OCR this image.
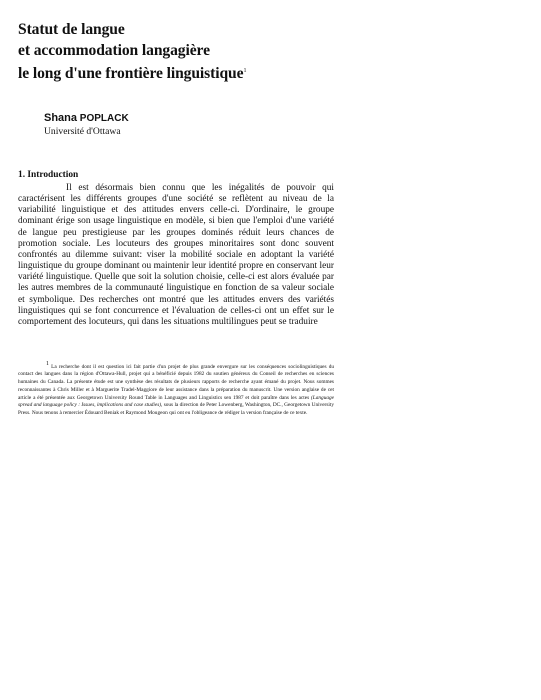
Statut de langue
et accommodation langagière
le long d'une frontière linguistique$^1$
Shana POPLACK
Université d'Ottawa
1. Introduction

Il est désormais bien connu que les inégalités de pouvoir qui caractérisent les différents groupes d'une société se reflètent au niveau de la variabilité linguistique et des attitudes envers celle-ci. D'ordinaire, le groupe dominant érige son usage linguistique en modèle, si bien que l'emploi d'une variété de langue peu prestigieuse par les groupes dominés réduit leurs chances de promotion sociale. Les locuteurs des groupes minoritaires sont donc souvent confrontés au dilemme suivant: viser la mobilité sociale en adoptant la variété linguistique du groupe dominant ou maintenir leur identité propre en conservant leur variété linguistique. Quelle que soit la solution choisie, celle-ci est alors évaluée par les autres membres de la communauté linguistique en fonction de sa valeur sociale et symbolique. Des recherches ont montré que les attitudes envers des variétés linguistiques qui se font concurrence et l'évaluation de celles-ci ont un effet sur le comportement des locuteurs, qui dans les situations multilingues peut se traduire

1 La recherche dont il est question ici fait partie d'un projet de plus grande envergure sur les conséquences sociolinguistiques du contact des langues dans la région d'Ottawa-Hull, projet qui a bénéficié depuis 1982 du soutien généreux du Conseil de recherches en sciences humaines du Canada. La présente étude est une synthèse des résultats de plusieurs rapports de recherche ayant émané du projet. Nous sommes reconnaissantes à Chris Miller et à Marguerite Tradel-Maggiore de leur assistance dans la préparation du manuscrit. Une version anglaise de cet article a été présentée aux Georgetown University Round Table in Languages and Linguistics sen 1987 et doit paraître dans les actes (Language spread and language policy : Issues, implications and case studies), sous la direction de Peter Lowenberg, Washington, DC., Georgetown University Press. Nous tenons à remercier Édouard Beniak et Raymond Mougeon qui ont eu l'obligeance de rédiger la version française de ce texte.
